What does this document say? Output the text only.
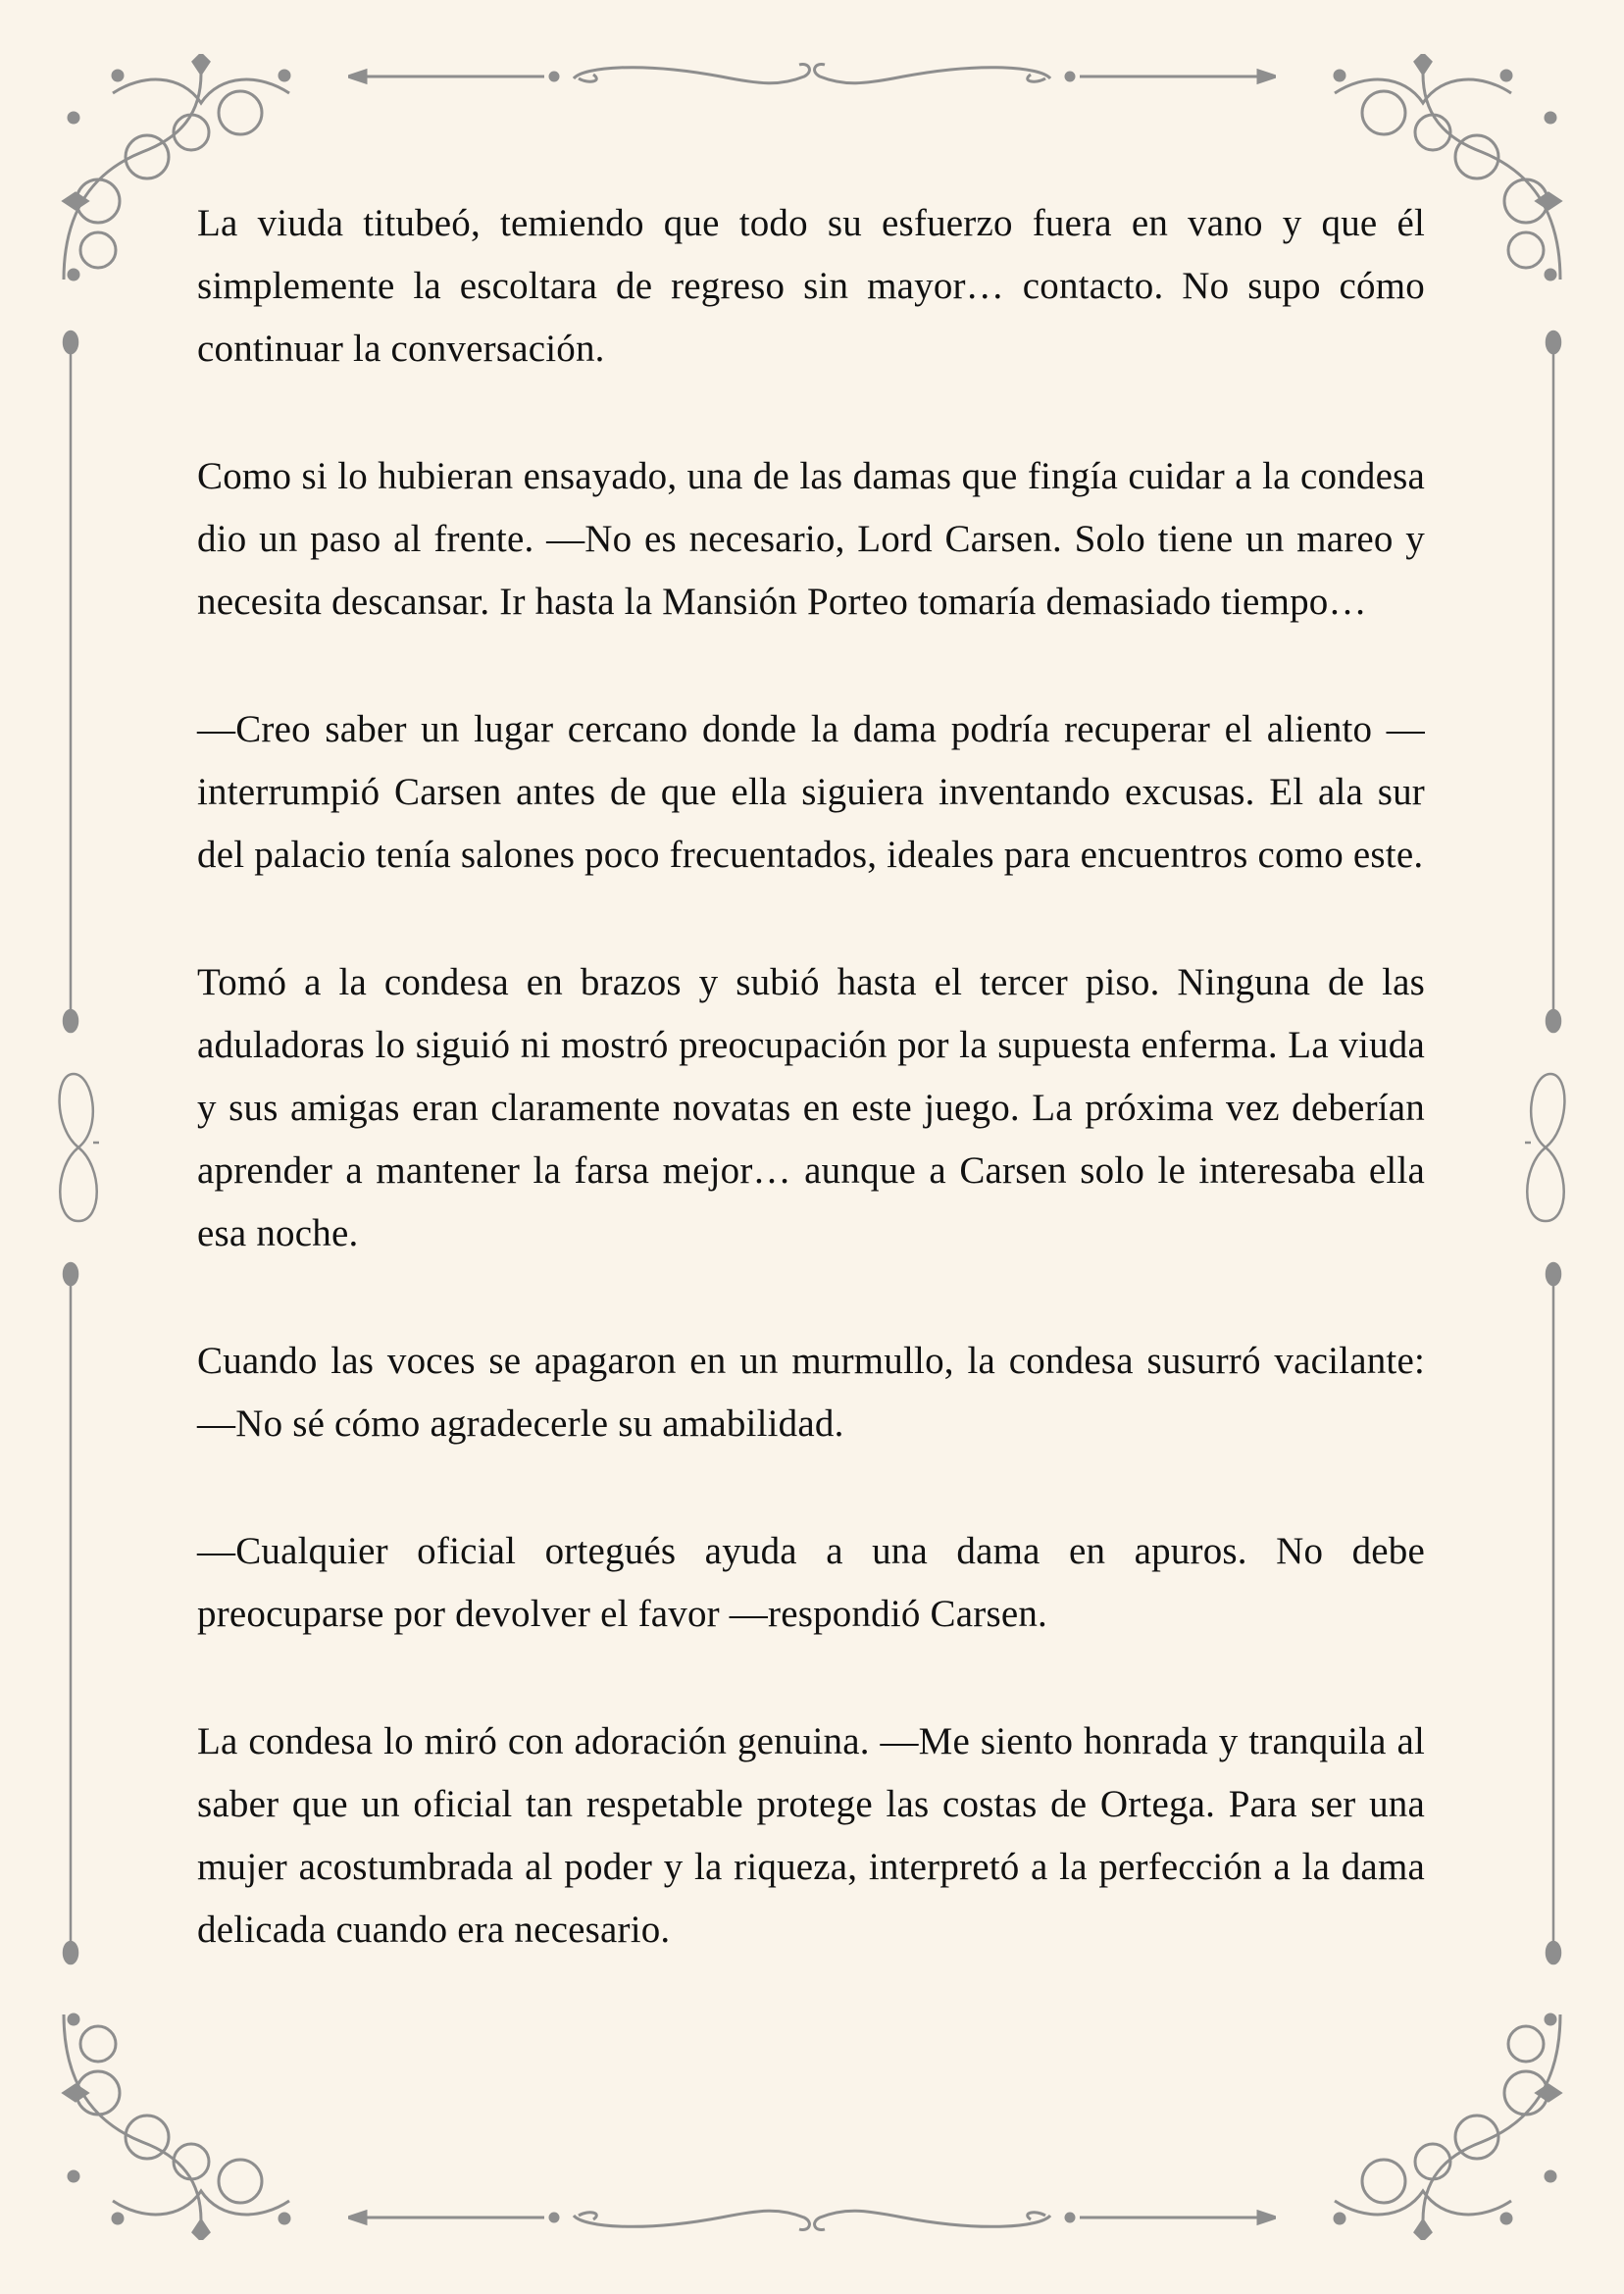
La viuda titubeó, temiendo que todo su esfuerzo fuera en vano y que él simplemente la escoltara de regreso sin mayor… contacto. No supo cómo continuar la conversación.

Como si lo hubieran ensayado, una de las damas que fingía cuidar a la condesa dio un paso al frente. —No es necesario, Lord Carsen. Solo tiene un mareo y necesita descansar. Ir hasta la Mansión Porteo tomaría demasiado tiempo…

—Creo saber un lugar cercano donde la dama podría recuperar el aliento —interrumpió Carsen antes de que ella siguiera inventando excusas. El ala sur del palacio tenía salones poco frecuentados, ideales para encuentros como este.

Tomó a la condesa en brazos y subió hasta el tercer piso. Ninguna de las aduladoras lo siguió ni mostró preocupación por la supuesta enferma. La viuda y sus amigas eran claramente novatas en este juego. La próxima vez deberían aprender a mantener la farsa mejor… aunque a Carsen solo le interesaba ella esa noche.

Cuando las voces se apagaron en un murmullo, la condesa susurró vacilante: —No sé cómo agradecerle su amabilidad.

—Cualquier oficial ortegués ayuda a una dama en apuros. No debe preocuparse por devolver el favor —respondió Carsen.

La condesa lo miró con adoración genuina. —Me siento honrada y tranquila al saber que un oficial tan respetable protege las costas de Ortega. Para ser una mujer acostumbrada al poder y la riqueza, interpretó a la perfección a la dama delicada cuando era necesario.
